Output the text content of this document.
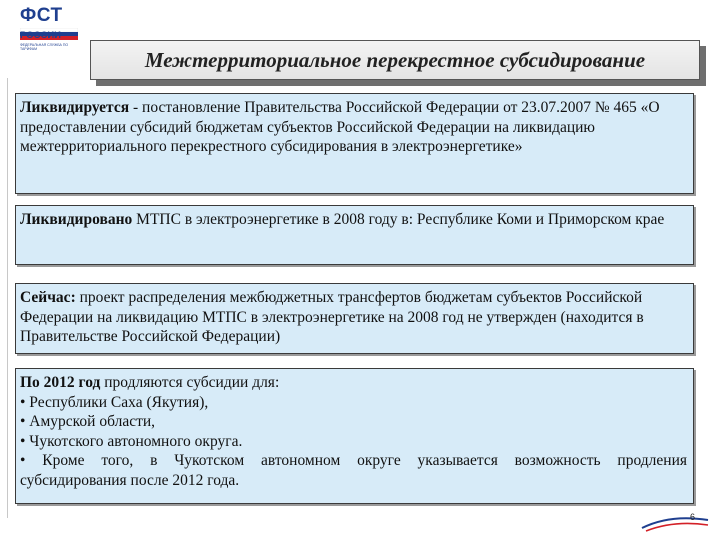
ФСТ
РОССИИ
ФЕДЕРАЛЬНАЯ СЛУЖБА ПО ТАРИФАМ	Межтерриториальное перекрестное субсидирование
Ликвидируется - постановление Правительства Российской Федерации от 23.07.2007 № 465 «О предоставлении субсидий бюджетам субъектов Российской Федерации на ликвидацию межтерриториального перекрестного субсидирования в электроэнергетике»
Ликвидировано МТПС в электроэнергетике в 2008 году в: Республике Коми и Приморском крае
Сейчас: проект распределения межбюджетных трансфертов бюджетам субъектов Российской Федерации на ликвидацию МТПС в электроэнергетике на 2008 год не утвержден (находится в Правительстве Российской Федерации)
По 2012 год продляются субсидии для:
• Республики Саха (Якутия),
• Амурской области,
• Чукотского автономного округа.
• Кроме того, в Чукотском автономном округе указывается возможность продления
субсидирования после 2012 года.
6
